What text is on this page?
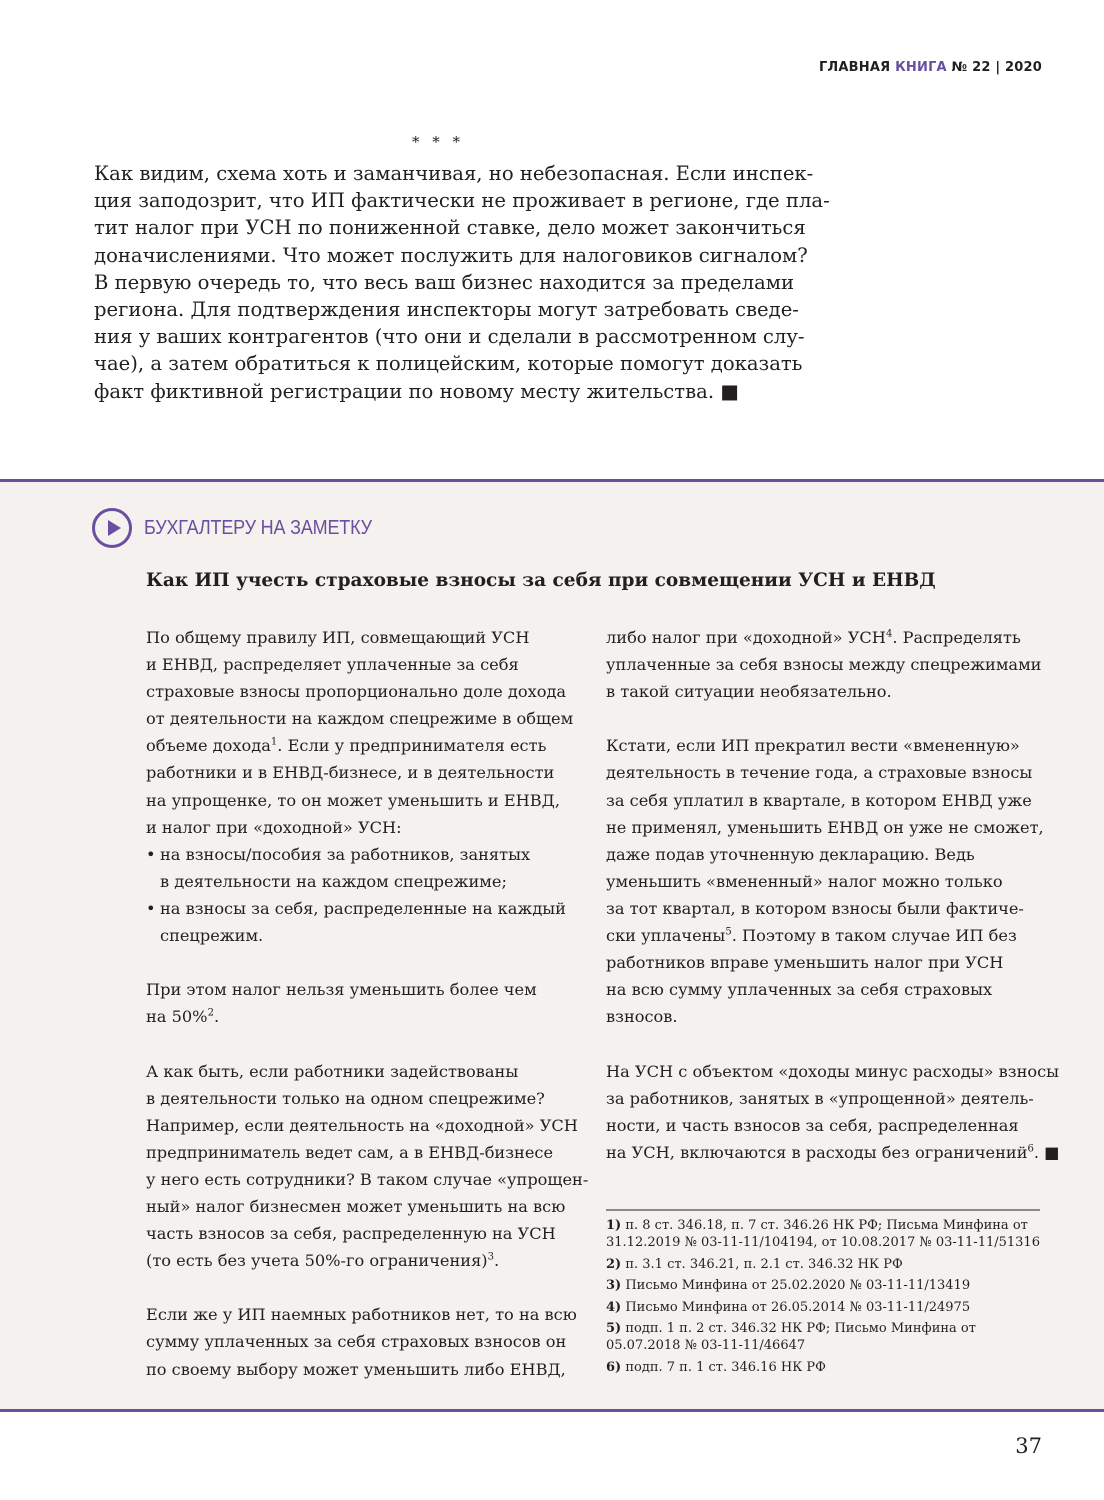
ГЛАВНАЯ КНИГА № 22 | 2020
* * *
Как видим, схема хоть и заманчивая, но небезопасная. Если инспек-
ция заподозрит, что ИП фактически не проживает в регионе, где пла-
тит налог при УСН по пониженной ставке, дело может закончиться
доначислениями. Что может послужить для налоговиков сигналом?
В первую очередь то, что весь ваш бизнес находится за пределами
региона. Для подтверждения инспекторы могут затребовать сведе-
ния у ваших контрагентов (что они и сделали в рассмотренном слу-
чае), а затем обратиться к полицейским, которые помогут доказать
факт фиктивной регистрации по новому месту жительства. ■
БУХГАЛТЕРУ НА ЗАМЕТКУ
Как ИП учесть страховые взносы за себя при совмещении УСН и ЕНВД
По общему правилу ИП, совмещающий УСН
и ЕНВД, распределяет уплаченные за себя
страховые взносы пропорционально доле дохода
от деятельности на каждом спецрежиме в общем
объеме дохода$^1$. Если у предпринимателя есть
работники и в ЕНВД-бизнесе, и в деятельности
на упрощенке, то он может уменьшить и ЕНВД,
и налог при «доходной» УСН:
• на взносы/пособия за работников, занятых
в деятельности на каждом спецрежиме;
• на взносы за себя, распределенные на каждый
спецрежим.
При этом налог нельзя уменьшить более чем
на 50%$^2$.
А как быть, если работники задействованы
в деятельности только на одном спецрежиме?
Например, если деятельность на «доходной» УСН
предприниматель ведет сам, а в ЕНВД-бизнесе
у него есть сотрудники? В таком случае «упрощен-
ный» налог бизнесмен может уменьшить на всю
часть взносов за себя, распределенную на УСН
(то есть без учета 50%-го ограничения)$^3$.
Если же у ИП наемных работников нет, то на всю
сумму уплаченных за себя страховых взносов он
по своему выбору может уменьшить либо ЕНВД,
либо налог при «доходной» УСН$^4$. Распределять
уплаченные за себя взносы между спецрежимами
в такой ситуации необязательно.
Кстати, если ИП прекратил вести «вмененную»
деятельность в течение года, а страховые взносы
за себя уплатил в квартале, в котором ЕНВД уже
не применял, уменьшить ЕНВД он уже не сможет,
даже подав уточненную декларацию. Ведь
уменьшить «вмененный» налог можно только
за тот квартал, в котором взносы были фактиче-
ски уплачены$^5$. Поэтому в таком случае ИП без
работников вправе уменьшить налог при УСН
на всю сумму уплаченных за себя страховых
взносов.
На УСН с объектом «доходы минус расходы» взносы
за работников, занятых в «упрощенной» деятель-
ности, и часть взносов за себя, распределенная
на УСН, включаются в расходы без ограничений$^6$. ■
1) п. 8 ст. 346.18, п. 7 ст. 346.26 НК РФ; Письма Минфина от 31.12.2019 № 03-11-11/104194, от 10.08.2017 № 03-11-11/51316
2) п. 3.1 ст. 346.21, п. 2.1 ст. 346.32 НК РФ
3) Письмо Минфина от 25.02.2020 № 03-11-11/13419
4) Письмо Минфина от 26.05.2014 № 03-11-11/24975
5) подп. 1 п. 2 ст. 346.32 НК РФ; Письмо Минфина от 05.07.2018 № 03-11-11/46647
6) подп. 7 п. 1 ст. 346.16 НК РФ
37
